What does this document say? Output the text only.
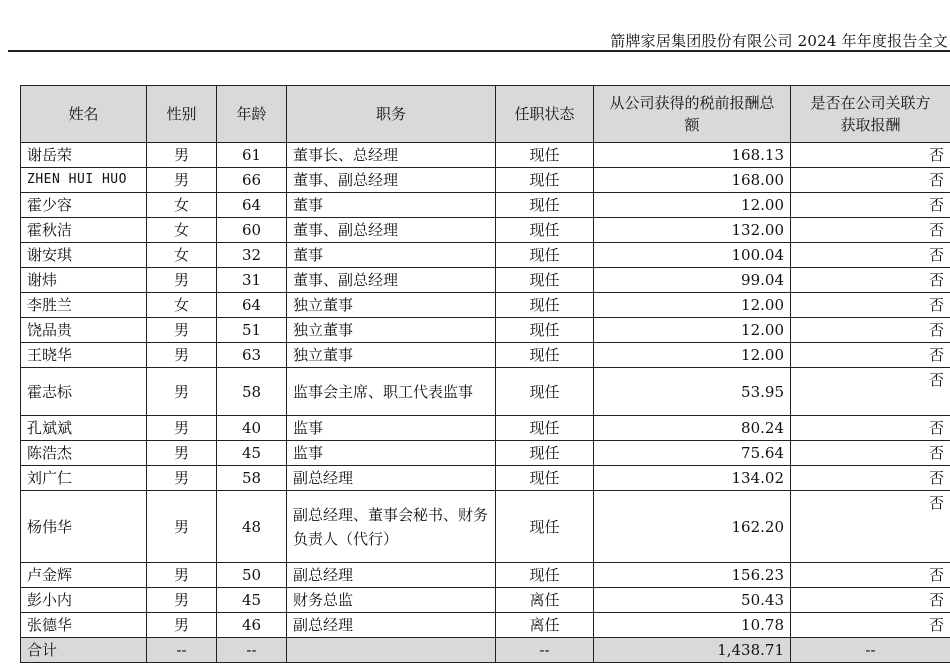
箭牌家居集团股份有限公司 2024 年年度报告全文
姓名	性别	年龄	职务	任职状态	从公司获得的税前报酬总额	是否在公司关联方获取报酬
谢岳荣	男	61	董事长、总经理	现任	168.13	否
ZHEN HUI HUO	男	66	董事、副总经理	现任	168.00	否
霍少容	女	64	董事	现任	12.00	否
霍秋洁	女	60	董事、副总经理	现任	132.00	否
谢安琪	女	32	董事	现任	100.04	否
谢炜	男	31	董事、副总经理	现任	99.04	否
李胜兰	女	64	独立董事	现任	12.00	否
饶品贵	男	51	独立董事	现任	12.00	否
王晓华	男	63	独立董事	现任	12.00	否
霍志标	男	58	监事会主席、职工代表监事	现任	53.95	否
孔斌斌	男	40	监事	现任	80.24	否
陈浩杰	男	45	监事	现任	75.64	否
刘广仁	男	58	副总经理	现任	134.02	否
杨伟华	男	48	副总经理、董事会秘书、财务负责人（代行）	现任	162.20	否
卢金辉	男	50	副总经理	现任	156.23	否
彭小内	男	45	财务总监	离任	50.43	否
张德华	男	46	副总经理	离任	10.78	否
合计	--	--		--	1,438.71	--
